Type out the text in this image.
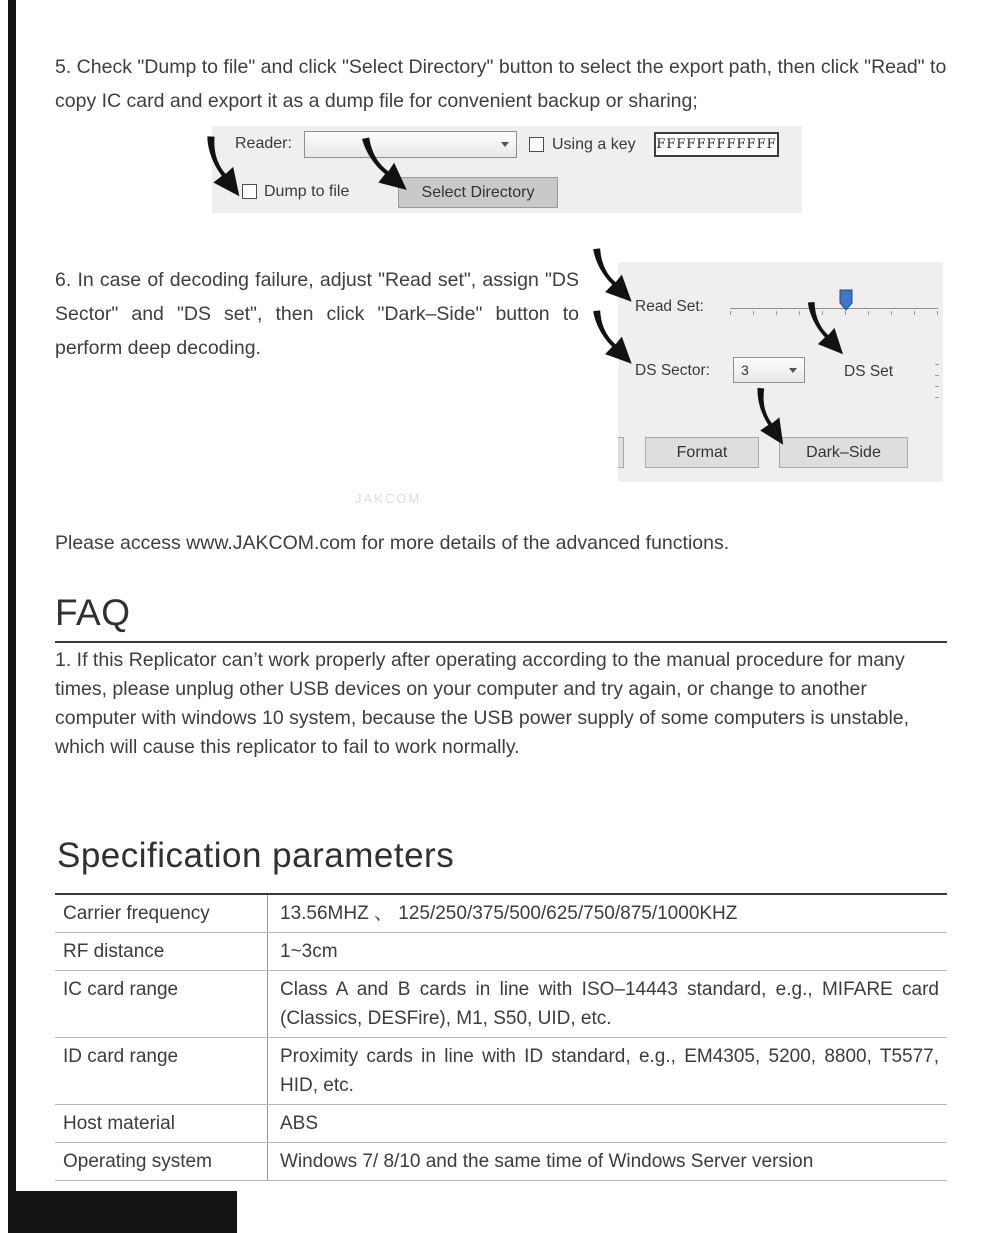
5. Check "Dump to file" and click "Select Directory" button to select the export path, then click "Read" to copy IC card and export it as a dump file for convenient backup or sharing;
Reader:	Using a key FFFFFFFFFFFF
Dump to file	Select Directory
6. In case of decoding failure, adjust "Read set", assign "DS Sector" and "DS set", then click "Dark–Side" button to perform deep decoding.
Read Set:
DS Sector: 3	DS Set
Format	Dark–Side
JAKCOM
Please access www.JAKCOM.com for more details of the advanced functions.
FAQ
1. If this Replicator can’t work properly after operating according to the manual procedure for many times, please unplug other USB devices on your computer and try again, or change to another computer with windows 10 system, because the USB power supply of some computers is unstable, which will cause this replicator to fail to work normally.
Specification parameters
Carrier frequency	13.56MHZ 、 125/250/375/500/625/750/875/1000KHZ
RF distance	1~3cm
IC card range	Class A and B cards in line with ISO–14443 standard, e.g., MIFARE card (Classics, DESFire), M1, S50, UID, etc.
ID card range	Proximity cards in line with ID standard, e.g., EM4305, 5200, 8800, T5577, HID, etc.
Host material	ABS
Operating system	Windows 7/ 8/10 and the same time of Windows Server version
